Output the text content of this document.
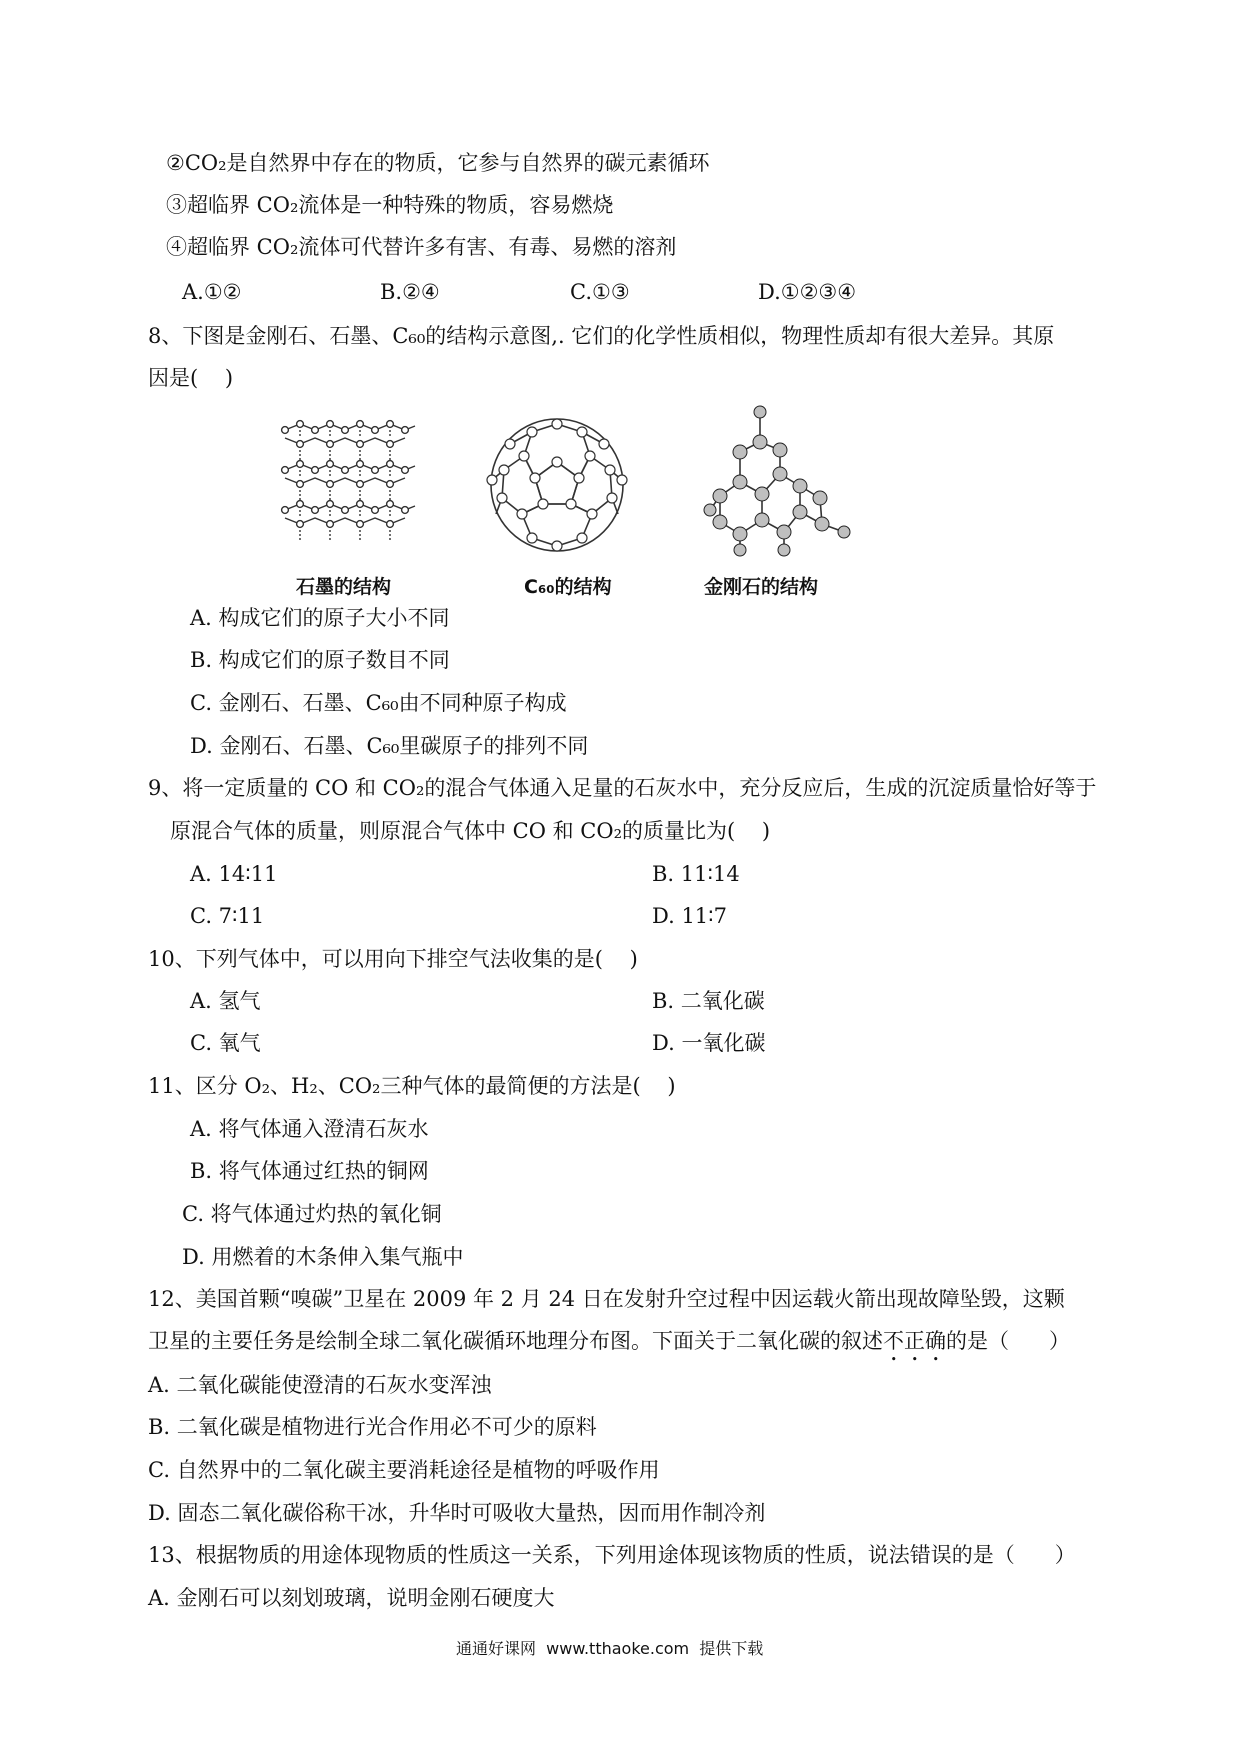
②CO₂是自然界中存在的物质，它参与自然界的碳元素循环
③超临界 CO₂流体是一种特殊的物质，容易燃烧
④超临界 CO₂流体可代替许多有害、有毒、易燃的溶剂
A.①②	B.②④	C.①③	D.①②③④
8、下图是金刚石、石墨、C₆₀的结构示意图,. 它们的化学性质相似，物理性质却有很大差异。其原
因是(    )
石墨的结构	C₆₀的结构	金刚石的结构
A. 构成它们的原子大小不同
B. 构成它们的原子数目不同
C. 金刚石、石墨、C₆₀由不同种原子构成
D. 金刚石、石墨、C₆₀里碳原子的排列不同
9、将一定质量的 CO 和 CO₂的混合气体通入足量的石灰水中，充分反应后，生成的沉淀质量恰好等于
原混合气体的质量，则原混合气体中 CO 和 CO₂的质量比为(    )
A. 14∶11	B. 11∶14
C. 7∶11	D. 11∶7
10、下列气体中，可以用向下排空气法收集的是(    )
A. 氢气	B. 二氧化碳
C. 氧气	D. 一氧化碳
11、区分 O₂、H₂、CO₂三种气体的最简便的方法是(    )
A. 将气体通入澄清石灰水
B. 将气体通过红热的铜网
C. 将气体通过灼热的氧化铜
D. 用燃着的木条伸入集气瓶中
12、美国首颗“嗅碳”卫星在 2009 年 2 月 24 日在发射升空过程中因运载火箭出现故障坠毁，这颗
卫星的主要任务是绘制全球二氧化碳循环地理分布图。下面关于二氧化碳的叙述不正确的是（      ）
A. 二氧化碳能使澄清的石灰水变浑浊
B. 二氧化碳是植物进行光合作用必不可少的原料
C. 自然界中的二氧化碳主要消耗途径是植物的呼吸作用
D. 固态二氧化碳俗称干冰，升华时可吸收大量热，因而用作制冷剂
13、根据物质的用途体现物质的性质这一关系，下列用途体现该物质的性质，说法错误的是（      ）
A. 金刚石可以刻划玻璃，说明金刚石硬度大
通通好课网  www.tthaoke.com  提供下载
